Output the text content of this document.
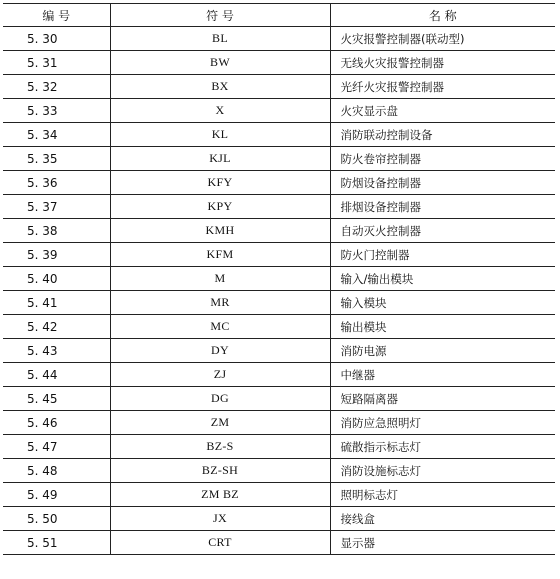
编 号	符 号	名 称
5. 30	BL	火灾报警控制器(联动型)
5. 31	BW	无线火灾报警控制器
5. 32	BX	光纤火灾报警控制器
5. 33	X	火灾显示盘
5. 34	KL	消防联动控制设备
5. 35	KJL	防火卷帘控制器
5. 36	KFY	防烟设备控制器
5. 37	KPY	排烟设备控制器
5. 38	KMH	自动灭火控制器
5. 39	KFM	防火门控制器
5. 40	M	输入/输出模块
5. 41	MR	输入模块
5. 42	MC	输出模块
5. 43	DY	消防电源
5. 44	ZJ	中继器
5. 45	DG	短路隔离器
5. 46	ZM	消防应急照明灯
5. 47	BZ-S	硫散指示标志灯
5. 48	BZ-SH	消防设施标志灯
5. 49	ZM BZ	照明标志灯
5. 50	JX	接线盒
5. 51	CRT	显示器
